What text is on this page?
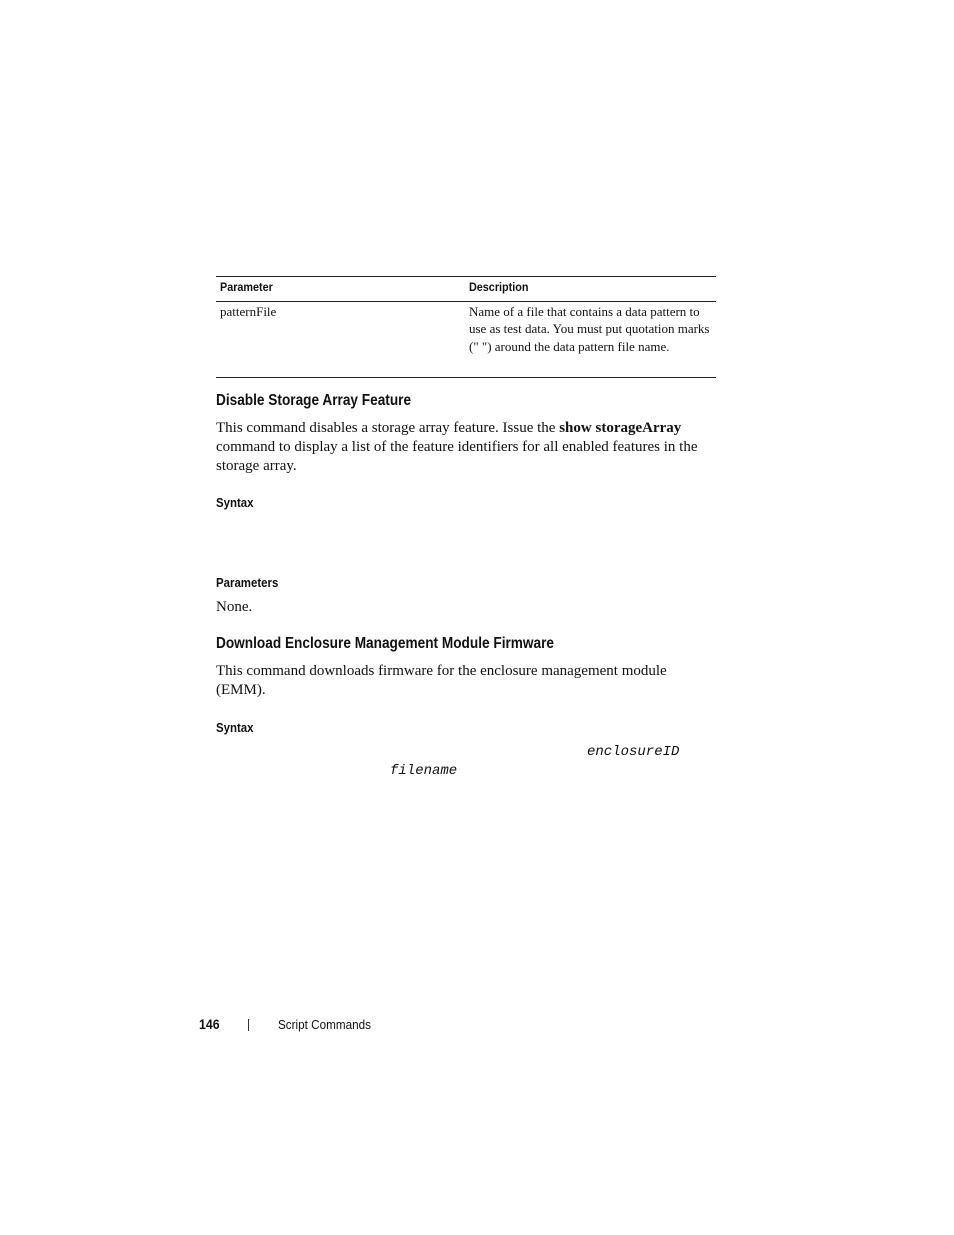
Parameter	Description
patternFile	Name of a file that contains a data pattern to use as test data. You must put quotation marks (" ") around the data pattern file name.
Disable Storage Array Feature
This command disables a storage array feature. Issue the show storageArray command to display a list of the feature identifiers for all enabled features in the storage array.
Syntax
Parameters
None.
Download Enclosure Management Module Firmware
This command downloads firmware for the enclosure management module (EMM).
Syntax
enclosureID
filename
146	Script Commands
